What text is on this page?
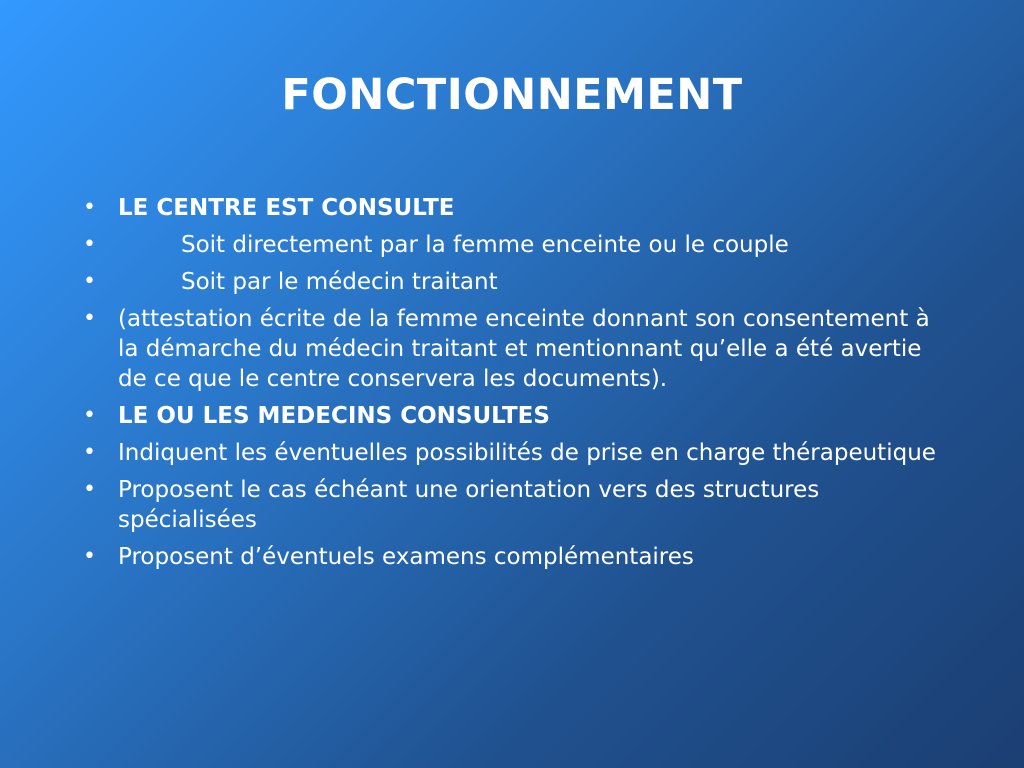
FONCTIONNEMENT
• LE CENTRE EST CONSULTE
•	Soit directement par la femme enceinte ou le couple
•	Soit par le médecin traitant
• (attestation écrite de la femme enceinte donnant son consentement à la démarche du médecin traitant et mentionnant qu’elle a été avertie de ce que le centre conservera les documents).
• LE OU LES MEDECINS CONSULTES
• Indiquent les éventuelles possibilités de prise en charge thérapeutique
• Proposent le cas échéant une orientation vers des structures spécialisées
• Proposent d’éventuels examens complémentaires
